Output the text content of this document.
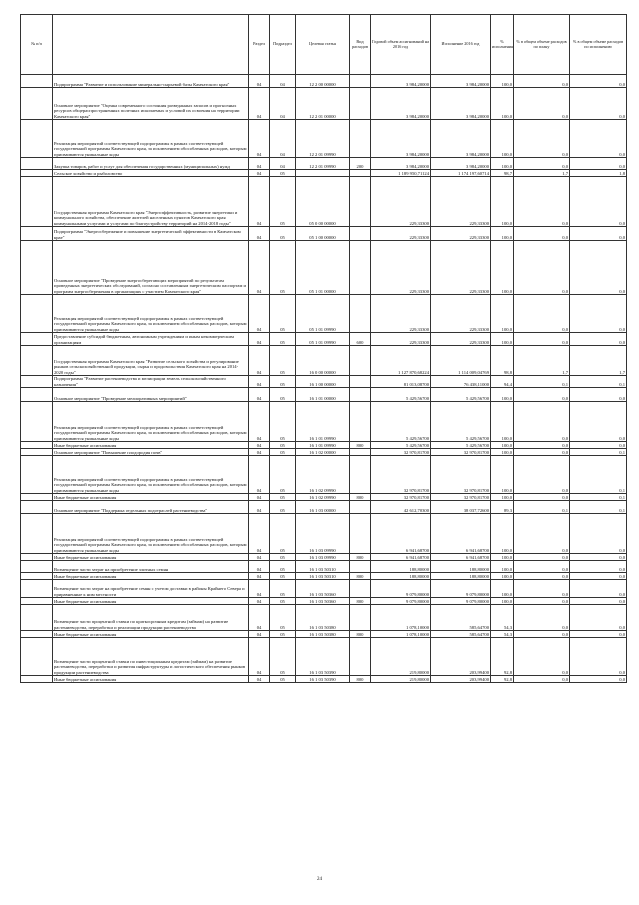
№ п/п		Раздел	Подраздел	Целевая статья	Вид расходов	Годовой объем ассигнований на 2016 год	Исполнение 2016 год	% исполнения	% в общем объеме расходов по плану	% в общем объеме расходов по исполнению
	Подпрограмма "Развитие и использование минерально-сырьевой базы Камчатского края"	04	04	12 2 00 00000		3 984,20000	3 984,20000	100,0	0,0	0,0
	Основное мероприятие "Оценка современного состояния разведанных запасов и прогнозных ресурсов общераспространенных полезных ископаемых и условий их освоения на территории Камчатского края"	04	04	12 2 01 00000		3 984,20000	3 984,20000	100,0	0,0	0,0
	Реализация мероприятий соответствующей подпрограммы в рамках соответствующей государственной программы Камчатского края, за исключением обособленных расходов, которым присваиваются уникальные коды	04	04	12 2 01 09990		3 984,20000	3 984,20000	100,0	0,0	0,0
	Закупка товаров, работ и услуг для обеспечения государственных (муниципальных) нужд	04	04	12 2 01 09990	200	3 984,20000	3 984,20000	100,0	0,0	0,0
	Сельское хозяйство и рыболовство	04	05			1 189 950,71124	1 174 197,60714	98,7	1,7	1,8
	Государственная программа Камчатского края "Энергоэффективность, развитие энергетики и коммунального хозяйства, обеспечение жителей населенных пунктов Камчатского края коммунальными услугами и услугами по благоустройству территорий на 2014-2018 годы"	04	05	05 0 00 00000		229,33300	229,33300	100,0	0,0	0,0
	Подпрограмма "Энергосбережение и повышение энергетической эффективности в Камчатском крае"	04	05	05 1 00 00000		229,33300	229,33300	100,0	0,0	0,0
	Основное мероприятие "Проведение энергосберегающих мероприятий по результатам проведенных энергетических обследований, согласно составленным энергетическим паспортам и программ энергосбережения в организациях с участием Камчатского края"	04	05	05 1 01 00000		229,33300	229,33300	100,0	0,0	0,0
	Реализация мероприятий соответствующей подпрограммы в рамках соответствующей государственной программы Камчатского края, за исключением обособленных расходов, которым присваиваются уникальные коды	04	05	05 1 01 09990		229,33300	229,33300	100,0	0,0	0,0
	Предоставление субсидий бюджетным, автономным учреждениям и иным некоммерческим организациям	04	05	05 1 01 09990	600	229,33300	229,33300	100,0	0,0	0,0
	Государственная программа Камчатского края "Развитие сельского хозяйства и регулирование рынков сельскохозяйственной продукции, сырья и продовольствия Камчатского края на 2014-2020 годы"	04	05	16 0 00 00000		1 127 870,68224	1 114 009,04769	98,8	1,7	1,7
	Подпрограмма "Развитие растениеводства и мелиорации земель сельскохозяйственного назначения"	04	05	16 1 00 00000		81 013,08700	76 438,11000	94,4	0,1	0,1
	Основное мероприятие "Проведение мелиоративных мероприятий"	04	05	16 1 01 00000		5 429,56700	5 429,56700	100,0	0,0	0,0
	Реализация мероприятий соответствующей подпрограммы в рамках соответствующей государственной программы Камчатского края, за исключением обособленных расходов, которым присваиваются уникальные коды	04	05	16 1 01 09990		5 429,56700	5 429,56700	100,0	0,0	0,0
	Иные бюджетные ассигнования	04	05	16 1 01 09990	800	5 429,56700	5 429,56700	100,0	0,0	0,0
	Основное мероприятие "Повышение плодородия почв"	04	05	16 1 02 00000		32 970,81700	32 970,81700	100,0	0,0	0,1
	Реализация мероприятий соответствующей подпрограммы в рамках соответствующей государственной программы Камчатского края, за исключением обособленных расходов, которым присваиваются уникальные коды	04	05	16 1 02 09990		32 970,81700	32 970,81700	100,0	0,0	0,1
	Иные бюджетные ассигнования	04	05	16 1 02 09990	800	32 970,81700	32 970,81700	100,0	0,0	0,1
	Основное мероприятие "Поддержка отдельных подотраслей растениеводства"	04	05	16 1 03 00000		42 612,70300	38 037,72600	89,3	0,1	0,1
	Реализация мероприятий соответствующей подпрограммы в рамках соответствующей государственной программы Камчатского края, за исключением обособленных расходов, которым присваиваются уникальные коды	04	05	16 1 03 09990		6 941,68700	6 941,68700	100,0	0,0	0,0
	Иные бюджетные ассигнования	04	05	16 1 03 09990	800	6 941,68700	6 941,68700	100,0	0,0	0,0
	Возмещение части затрат на приобретение элитных семян	04	05	16 1 03 50310		188,80000	188,80000	100,0	0,0	0,0
	Иные бюджетные ассигнования	04	05	16 1 03 50310	800	188,80000	188,80000	100,0	0,0	0,0
	Возмещение части затрат на приобретение семян с учетом доставки в районы Крайнего Севера и приравненные к ним местности	04	05	16 1 03 50360		9 079,80000	9 079,80000	100,0	0,0	0,0
	Иные бюджетные ассигнования	04	05	16 1 03 50360	800	9 079,80000	9 079,80000	100,0	0,0	0,0
	Возмещение части процентной ставки по краткосрочным кредитам (займам) на развитие растениеводства, переработки и реализации продукции растениеводства	04	05	16 1 03 50380		1 078,10000	585,64700	54,3	0,0	0,0
	Иные бюджетные ассигнования	04	05	16 1 03 50380	800	1 078,10000	585,64700	54,3	0,0	0,0
	Возмещение части процентной ставки по инвестиционным кредитам (займам) на развитие растениеводства, переработки и развития инфраструктуры и логистического обеспечения рынков продукции растениеводства	04	05	16 1 03 50390		219,80000	203,99400	92,8	0,0	0,0
	Иные бюджетные ассигнования	04	05	16 1 03 50390	800	219,80000	203,99400	92,8	0,0	0,0
24
